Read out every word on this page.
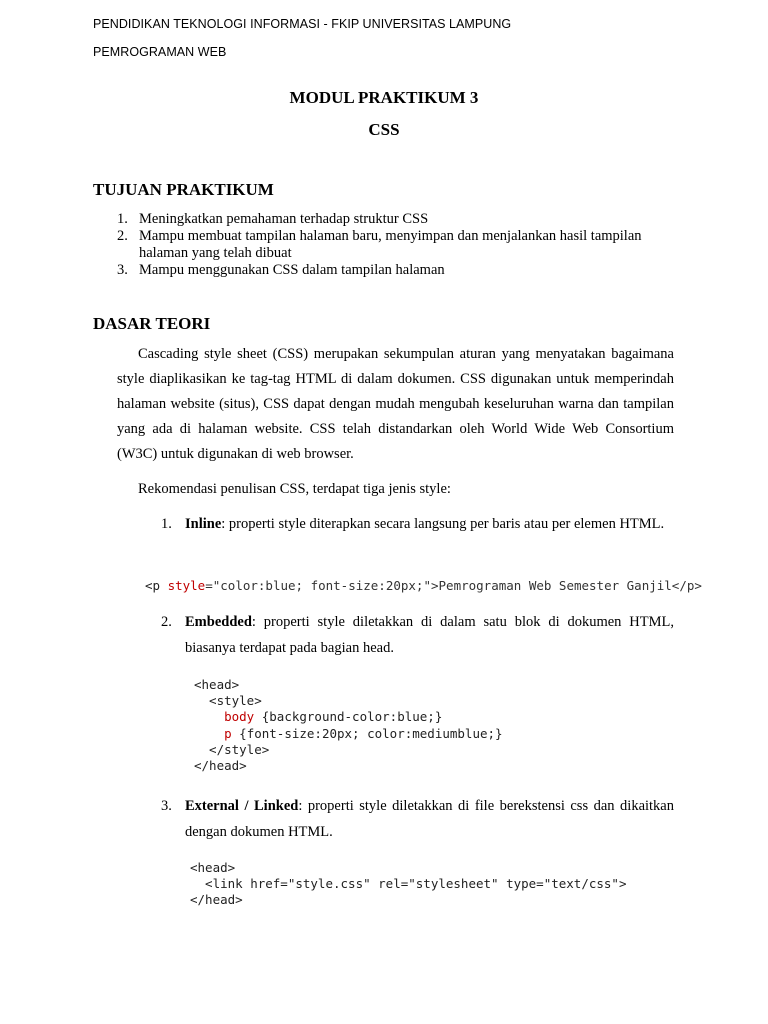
PENDIDIKAN TEKNOLOGI INFORMASI - FKIP UNIVERSITAS LAMPUNG
PEMROGRAMAN WEB
MODUL PRAKTIKUM 3
CSS
TUJUAN PRAKTIKUM
1. Meningkatkan pemahaman terhadap struktur CSS
2. Mampu membuat tampilan halaman baru, menyimpan dan menjalankan hasil tampilan halaman yang telah dibuat
3. Mampu menggunakan CSS dalam tampilan halaman
DASAR TEORI

Cascading style sheet (CSS) merupakan sekumpulan aturan yang menyatakan bagaimana style diaplikasikan ke tag-tag HTML di dalam dokumen. CSS digunakan untuk memperindah halaman website (situs), CSS dapat dengan mudah mengubah keseluruhan warna dan tampilan yang ada di halaman website. CSS telah distandarkan oleh World Wide Web Consortium (W3C) untuk digunakan di web browser.

Rekomendasi penulisan CSS, terdapat tiga jenis style:

1. Inline: properti style diterapkan secara langsung per baris atau per elemen HTML.
<p style="color:blue; font-size:20px;">Pemrograman Web Semester Ganjil</p>
2. Embedded: properti style diletakkan di dalam satu blok di dokumen HTML, biasanya terdapat pada bagian head.
<head>
<style>
body {background-color:blue;}
p {font-size:20px; color:mediumblue;}
</style>
</head>
3. External / Linked: properti style diletakkan di file berekstensi css dan dikaitkan dengan dokumen HTML.
<head>
<link href="style.css" rel="stylesheet" type="text/css">
</head>
